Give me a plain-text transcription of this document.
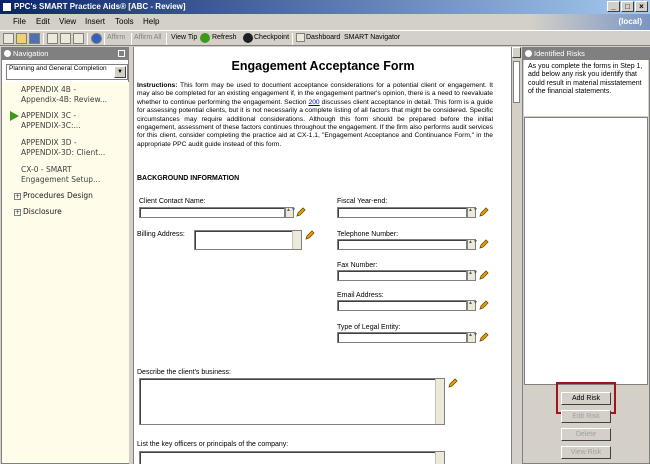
PPC's SMART Practice Aids® [ABC - Review]	_	□	×
File Edit View Insert Tools Help	(local)
Affirm Affirm All View Tip Refresh Checkpoint Dashboard SMART Navigator
Navigation
Planning and General Completion	▼
APPENDIX 4B -
Appendix-4B: Review...
APPENDIX 3C -
APPENDIX-3C:...
APPENDIX 3D -
APPENDIX-3D: Client...
CX-0 - SMART
Engagement Setup...
+ Procedures Design
+ Disclosure
Engagement Acceptance Form
Instructions: This form may be used to document acceptance considerations for a potential client or engagement. It may also be completed for an existing engagement if, in the engagement partner's opinion, there is a need to reevaluate whether to continue performing the engagement. Section 200 discusses client acceptance in detail. This form is a guide for assessing potential clients, but it is not necessarily a complete listing of all factors that might be considered. Specific circumstances may require additional considerations. Although this form should be prepared before the initial engagement, assessment of these factors continues throughout the engagement. If the firm also performs audit services for this client, consider completing the practice aid at CX-1.1, "Engagement Acceptance and Continuance Form," in the appropriate PPC audit guide instead of this form.
BACKGROUND INFORMATION
Client Contact Name:
▲▼
Billing Address:
Fiscal Year-end:
▲▼
Telephone Number:
▲▼
Fax Number:
▲▼
Email Address:
▲▼
Type of Legal Entity:
▲▼
Describe the client's business:
List the key officers or principals of the company:
Identified Risks
As you complete the forms in Step 1, add below any risk you identify that could result in material misstatement of the financial statements.
Add Risk
Edit Risk
Delete
View Risk
